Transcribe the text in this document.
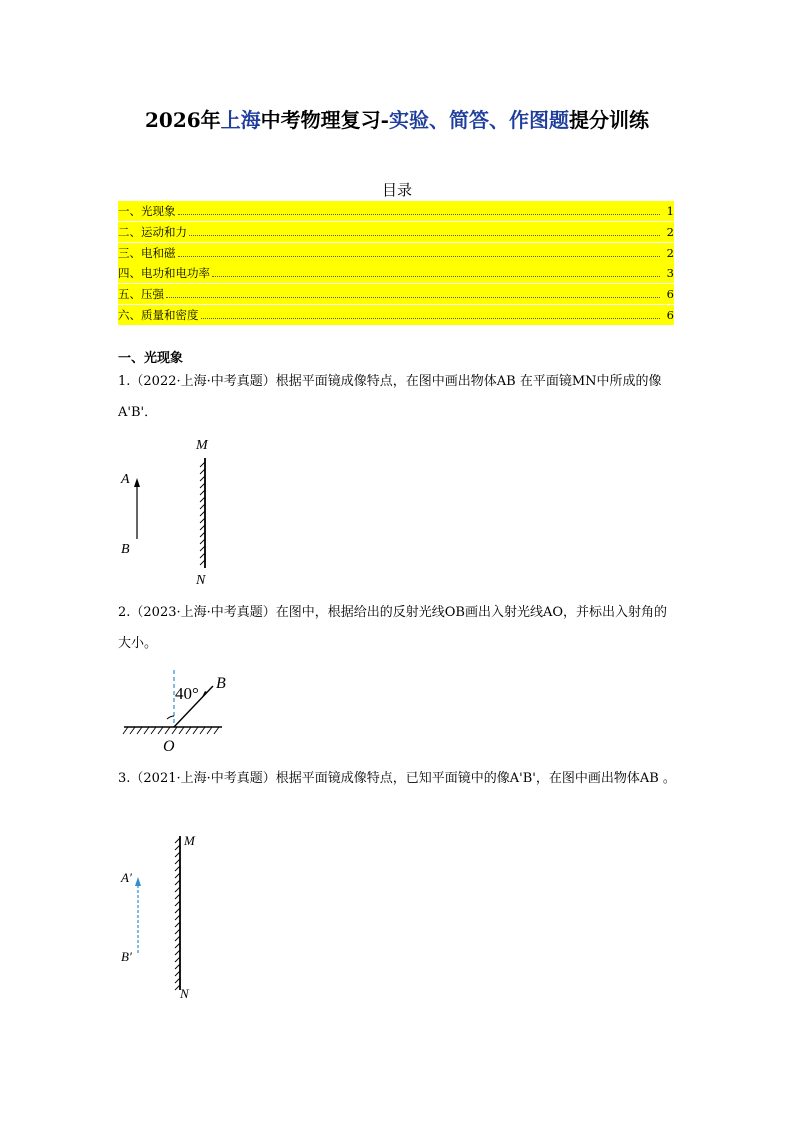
2026年上海中考物理复习-实验、简答、作图题提分训练
目录
一、光现象	1
二、运动和力	2
三、电和磁	2
四、电功和电功率	3
五、压强	6
六、质量和密度	6
一、光现象
1.（2022·上海·中考真题）根据平面镜成像特点，在图中画出物体AB 在平面镜MN中所成的像A'B'．
A
B
M
N
2.（2023·上海·中考真题）在图中，根据给出的反射光线OB画出入射光线AO，并标出入射角的大小。
40°
B
O
3.（2021·上海·中考真题）根据平面镜成像特点，已知平面镜中的像A'B'，在图中画出物体AB 。
A′
B′
M
N
